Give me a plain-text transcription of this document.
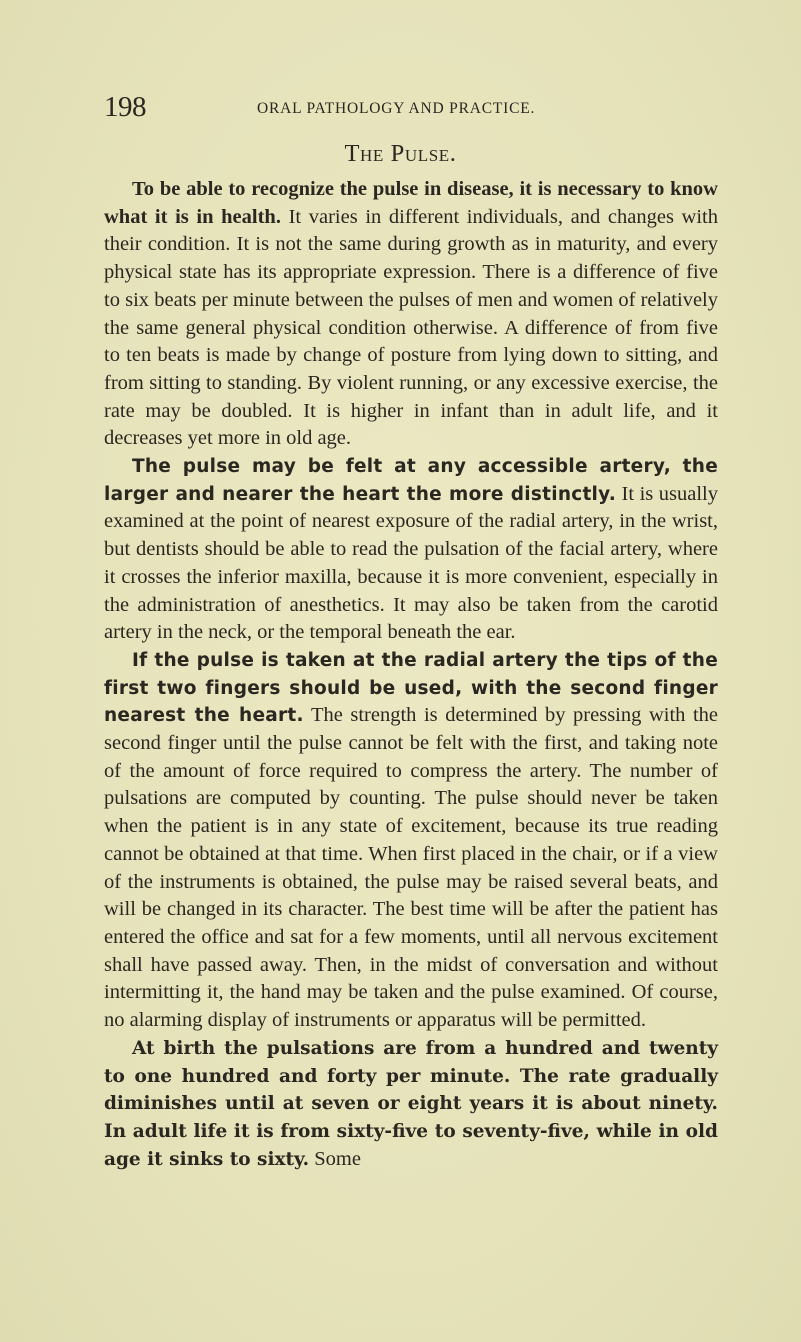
198	ORAL PATHOLOGY AND PRACTICE.
The Pulse.

To be able to recognize the pulse in disease, it is necessary to know what it is in health. It varies in different individuals, and changes with their condition. It is not the same during growth as in maturity, and every physical state has its appropriate expression. There is a difference of five to six beats per minute between the pulses of men and women of relatively the same general physical condition otherwise. A difference of from five to ten beats is made by change of posture from lying down to sitting, and from sitting to standing. By violent running, or any excessive exercise, the rate may be doubled. It is higher in infant than in adult life, and it decreases yet more in old age.

The pulse may be felt at any accessible artery, the larger and nearer the heart the more distinctly. It is usually examined at the point of nearest exposure of the radial artery, in the wrist, but dentists should be able to read the pulsation of the facial artery, where it crosses the inferior maxilla, because it is more convenient, especially in the administration of anesthetics. It may also be taken from the carotid artery in the neck, or the temporal beneath the ear.

If the pulse is taken at the radial artery the tips of the first two fingers should be used, with the second finger nearest the heart. The strength is determined by pressing with the second finger until the pulse cannot be felt with the first, and taking note of the amount of force required to compress the artery. The number of pulsations are computed by counting. The pulse should never be taken when the patient is in any state of excitement, because its true reading cannot be obtained at that time. When first placed in the chair, or if a view of the instruments is obtained, the pulse may be raised several beats, and will be changed in its character. The best time will be after the patient has entered the office and sat for a few moments, until all nervous excitement shall have passed away. Then, in the midst of conversation and without intermitting it, the hand may be taken and the pulse examined. Of course, no alarming display of instruments or apparatus will be permitted.

At birth the pulsations are from a hundred and twenty to one hundred and forty per minute. The rate gradually diminishes until at seven or eight years it is about ninety. In adult life it is from sixty-five to seventy-five, while in old age it sinks to sixty. Some
